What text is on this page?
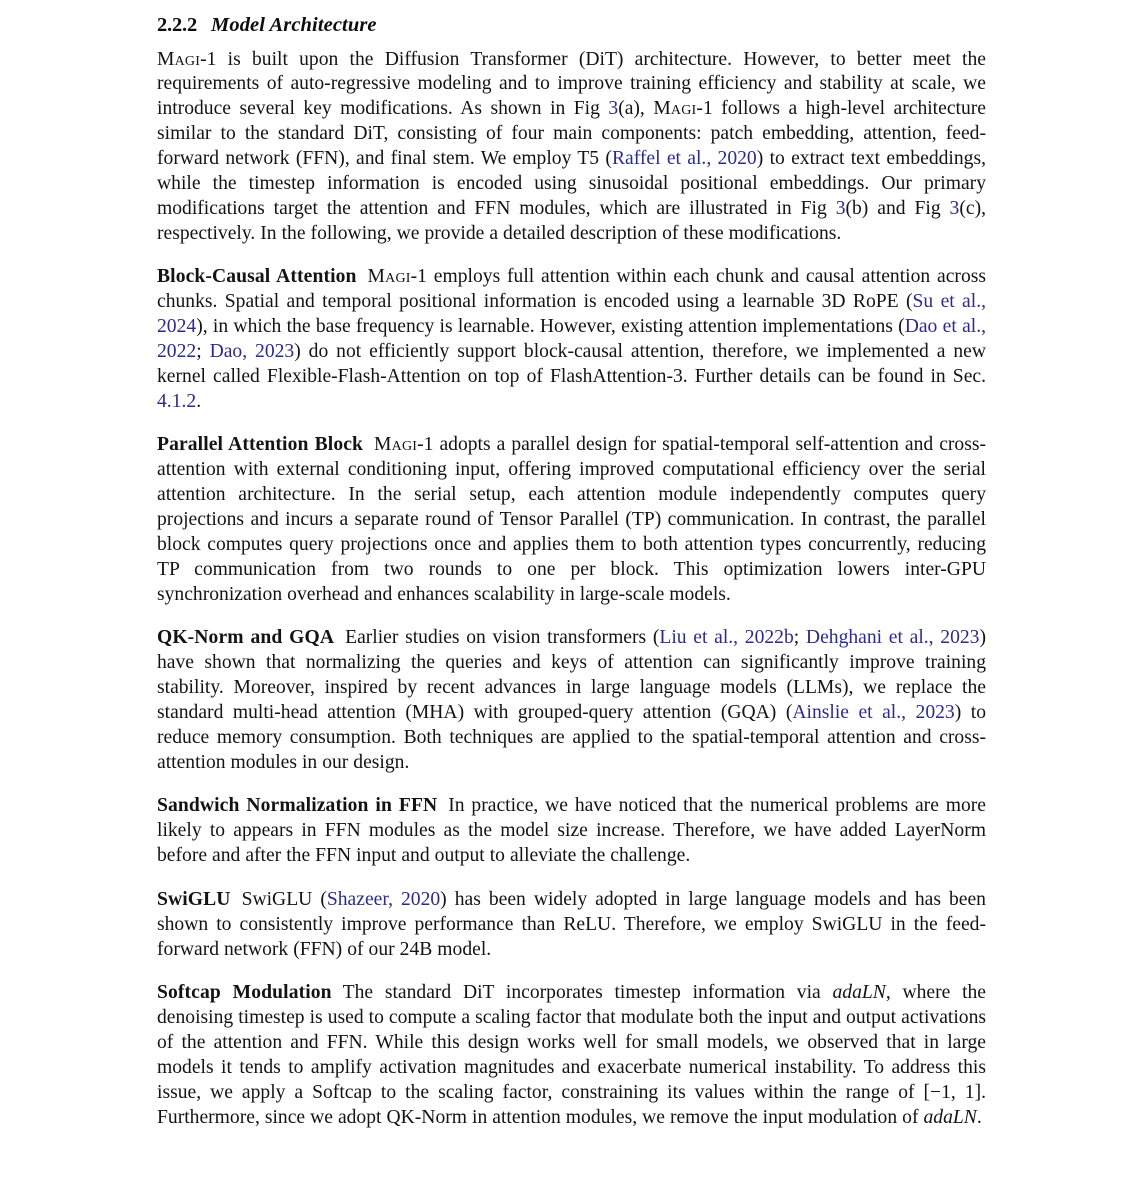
2.2.2 Model Architecture

Magi-1 is built upon the Diffusion Transformer (DiT) architecture. However, to better meet the requirements of auto-regressive modeling and to improve training efficiency and stability at scale, we introduce several key modifications. As shown in Fig 3(a), Magi-1 follows a high-level architecture similar to the standard DiT, consisting of four main components: patch embedding, attention, feed-forward network (FFN), and final stem. We employ T5 (Raffel et al., 2020) to extract text embeddings, while the timestep information is encoded using sinusoidal positional embeddings. Our primary modifications target the attention and FFN modules, which are illustrated in Fig 3(b) and Fig 3(c), respectively. In the following, we provide a detailed description of these modifications.

Block-Causal Attention Magi-1 employs full attention within each chunk and causal attention across chunks. Spatial and temporal positional information is encoded using a learnable 3D RoPE (Su et al., 2024), in which the base frequency is learnable. However, existing attention implementations (Dao et al., 2022; Dao, 2023) do not efficiently support block-causal attention, therefore, we implemented a new kernel called Flexible-Flash-Attention on top of FlashAttention-3. Further details can be found in Sec. 4.1.2.

Parallel Attention Block Magi-1 adopts a parallel design for spatial-temporal self-attention and cross-attention with external conditioning input, offering improved computational efficiency over the serial attention architecture. In the serial setup, each attention module independently computes query projections and incurs a separate round of Tensor Parallel (TP) communication. In contrast, the parallel block computes query projections once and applies them to both attention types concurrently, reducing TP communication from two rounds to one per block. This optimization lowers inter-GPU synchronization overhead and enhances scalability in large-scale models.

QK-Norm and GQA Earlier studies on vision transformers (Liu et al., 2022b; Dehghani et al., 2023) have shown that normalizing the queries and keys of attention can significantly improve training stability. Moreover, inspired by recent advances in large language models (LLMs), we replace the standard multi-head attention (MHA) with grouped-query attention (GQA) (Ainslie et al., 2023) to reduce memory consumption. Both techniques are applied to the spatial-temporal attention and cross-attention modules in our design.

Sandwich Normalization in FFN In practice, we have noticed that the numerical problems are more likely to appears in FFN modules as the model size increase. Therefore, we have added LayerNorm before and after the FFN input and output to alleviate the challenge.

SwiGLU SwiGLU (Shazeer, 2020) has been widely adopted in large language models and has been shown to consistently improve performance than ReLU. Therefore, we employ SwiGLU in the feed-forward network (FFN) of our 24B model.

Softcap Modulation The standard DiT incorporates timestep information via adaLN, where the denoising timestep is used to compute a scaling factor that modulate both the input and output activations of the attention and FFN. While this design works well for small models, we observed that in large models it tends to amplify activation magnitudes and exacerbate numerical instability. To address this issue, we apply a Softcap to the scaling factor, constraining its values within the range of [−1, 1]. Furthermore, since we adopt QK-Norm in attention modules, we remove the input modulation of adaLN.
